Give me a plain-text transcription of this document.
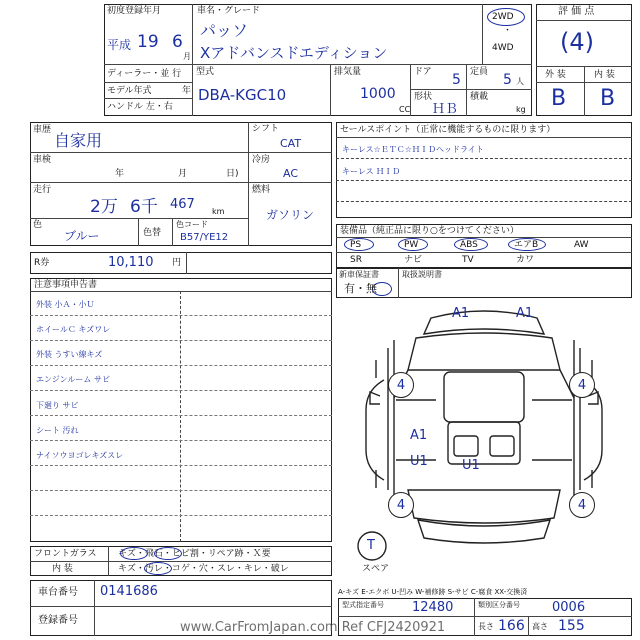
初度登録年月
平成 19 6
月
車名・グレード
パッソ
Xアドバンスドエディション
2WD
・
4WD
ディーラー・並 行
モデル年式	年
ハンドル 左・右
型式
DBA-KGC10
排気量
1000
CC
ドア 5 定員 5 人
形状
ＨＢ
積載
kg
評 価 点
(4)
外 装	内 装
B B
車歴
自家用
車検
年	月	日)
走行
2万 6千 467 km
色
ブルー	色替
色コード
B57/YE12
シフト
CAT
冷房
AC
燃料
ガソリン
R券	10,110 円
セールスポイント（正常に機能するものに限ります）
キーレス☆ＥＴＣ☆ＨＩＤヘッドライト
キーレス ＨＩＤ
装備品（純正品に限り○をつけてください）
PS	PW	ABS	エアB	AW
SR	ナビ	TV	カワ
新車保証書
有・無
取扱説明書
注意事項申告書
外装 小Ａ・小Ｕ
ホイールＣ キズワレ
外装 うすい線キズ
エンジンルーム サビ
下廻り サビ
シート 汚れ
ナイソウヨゴレキズスレ
フロントガラス キズ・飛石・ヒビ割・リペア跡・Ｘ要
内 装	キズ・汚レ・コゲ・穴・スレ・キレ・破レ
A1	A1
4	4
A1
U1	U1
4	4
T
スペア
車台番号 0141686
登録番号
A-キズ E-エクボ U-凹み W-補修跡 S-サビ C-腐食 XX-交換済
型式指定番号 12480	類別区分番号 0006
長さ 166 高さ 155
www.CarFromJapan.com Ref CFJ2420921
